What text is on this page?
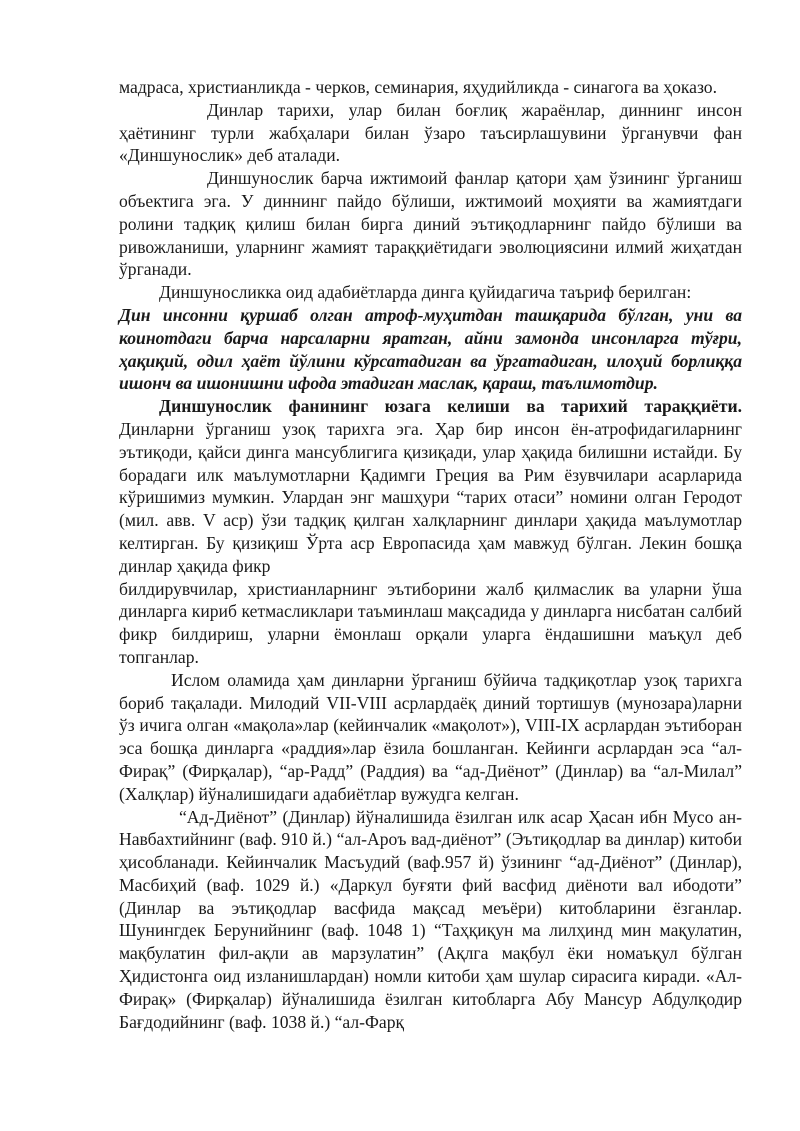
мадраса, христианликда - черков, семинария, яҳудийликда - синагога ва ҳоказо.

Динлар тарихи, улар билан боғлиқ жараёнлар, диннинг инсон ҳаётининг турли жабҳалари билан ўзаро таъсирлашувини ўрганувчи фан «Диншунослик» деб аталади.

Диншунослик барча ижтимоий фанлар қатори ҳам ўзининг ўрганиш объектига эга. У диннинг пайдо бўлиши, ижтимоий моҳияти ва жамиятдаги ролини тадқиқ қилиш билан бирга диний эътиқодларнинг пайдо бўлиши ва ривожланиши, уларнинг жамият тараққиётидаги эволюциясини илмий жиҳатдан ўрганади.

Диншуносликка оид адабиётларда динга қуйидагича таъриф берилган:

Дин инсонни қуршаб олган атроф-муҳитдан ташқарида бўлган, уни ва коинотдаги барча нарсаларни яратган, айни замонда инсонларга тўғри, ҳақиқий, одил ҳаёт йўлини кўрсатадиган ва ўргатадиган, илоҳий борлиққа ишонч ва ишонишни ифода этадиган маслак, қараш, таълимотдир.

Диншунослик фанининг юзага келиши ва тарихий тараққиёти. Динларни ўрганиш узоқ тарихга эга. Ҳар бир инсон ён-атрофидагиларнинг эътиқоди, қайси динга мансублигига қизиқади, улар ҳақида билишни истайди. Бу борадаги илк маълумотларни Қадимги Греция ва Рим ёзувчилари асарларида кўришимиз мумкин. Улардан энг машҳури “тарих отаси” номини олган Геродот (мил. авв. V аср) ўзи тадқиқ қилган халқларнинг динлари ҳақида маълумотлар келтирган. Бу қизиқиш Ўрта аср Европасида ҳам мавжуд бўлган. Лекин бошқа динлар ҳақида фикр

билдирувчилар, христианларнинг эътиборини жалб қилмаслик ва уларни ўша динларга кириб кетмасликлари таъминлаш мақсадида у динларга нисбатан салбий фикр билдириш, уларни ёмонлаш орқали уларга ёндашишни маъқул деб топганлар.

Ислом оламида ҳам динларни ўрганиш бўйича тадқиқотлар узоқ тарихга бориб тақалади. Милодий VII-VIII асрлардаёқ диний тортишув (мунозара)ларни ўз ичига олган «мақола»лар (кейинчалик «мақолот»), VIII-IX асрлардан эътиборан эса бошқа динларга «раддия»лар ёзила бошланган. Кейинги асрлардан эса “ал-Фирақ” (Фирқалар), “ар-Радд” (Раддия) ва “ад-Диёнот” (Динлар) ва “ал-Милал” (Халқлар) йўналишидаги адабиётлар вужудга келган.

“Ад-Диёнот” (Динлар) йўналишида ёзилган илк асар Ҳасан ибн Мусо ан-Навбахтийнинг (ваф. 910 й.) “ал-Ароъ вад-диёнот” (Эътиқодлар ва динлар) китоби ҳисобланади. Кейинчалик Масъудий (ваф.957 й) ўзининг “ад-Диёнот” (Динлар), Масбиҳий (ваф. 1029 й.) «Даркул буғяти фий васфид диёноти вал ибодоти” (Динлар ва эътиқодлар васфида мақсад меъёри) китобларини ёзганлар. Шунингдек Берунийнинг (ваф. 1048 1) “Таҳқиқун ма лилҳинд мин мақулатин, мақбулатин фил-ақли ав марзулатин” (Ақлга мақбул ёки номаъқул бўлган Ҳидистонга оид изланишлардан) номли китоби ҳам шулар сирасига киради. «Ал-Фирақ» (Фирқалар) йўналишида ёзилган китобларга Абу Мансур Абдулқодир Бағдодийнинг (ваф. 1038 й.) “ал-Фарқ
